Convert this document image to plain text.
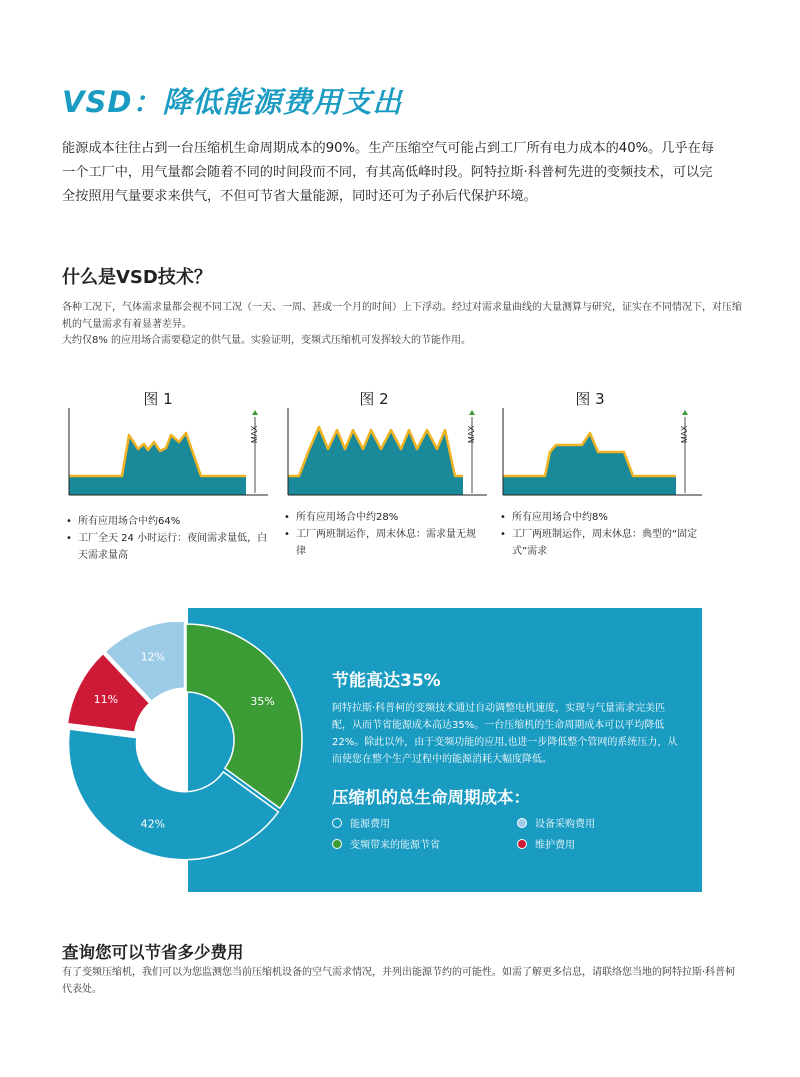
VSD：降低能源费用支出

能源成本往往占到一台压缩机生命周期成本的90%。生产压缩空气可能占到工厂所有电力成本的40%。几乎在每一个工厂中，用气量都会随着不同的时间段而不同，有其高低峰时段。阿特拉斯·科普柯先进的变频技术，可以完全按照用气量要求来供气，不但可节省大量能源，同时还可为子孙后代保护环境。

什么是VSD技术？
各种工况下，气体需求量都会视不同工况（一天、一周、甚或一个月的时间）上下浮动。经过对需求量曲线的大量测算与研究，证实在不同情况下，对压缩机的气量需求有着显著差异。
大约仅8% 的应用场合需要稳定的供气量。实验证明，变频式压缩机可发挥较大的节能作用。
图 1
MAX
• 所有应用场合中约64%
• 工厂全天 24 小时运行：夜间需求量低，白天需求量高
图 2
MAX
• 所有应用场合中约28%
• 工厂两班制运作，周末休息：需求量无规律
图 3
MAX
• 所有应用场合中约8%
• 工厂两班制运作，周末休息：典型的“固定式”需求
35%
42%
11%
12%
节能高达35%

阿特拉斯·科普柯的变频技术通过自动调整电机速度，实现与气量需求完美匹配，从而节省能源成本高达35%。一台压缩机的生命周期成本可以平均降低22%。除此以外，由于变频功能的应用,也进一步降低整个管网的系统压力，从而使您在整个生产过程中的能源消耗大幅度降低。

压缩机的总生命周期成本：
能源费用	设备采购费用
变频带来的能源节省	维护费用
查询您可以节省多少费用

有了变频压缩机，我们可以为您监测您当前压缩机设备的空气需求情况，并列出能源节约的可能性。如需了解更多信息，请联络您当地的阿特拉斯·科普柯代表处。
